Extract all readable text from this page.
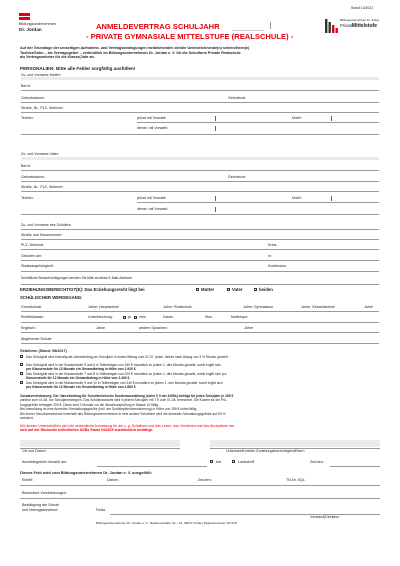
Stand 10/2022
Bildungsunternehmen
Dr. Jordan
Bildungsunternehmen Dr. Jordan
Private
Mittelstufe
ANMELDEVERTRAG SCHULJAHR
- PRIVATE GYMNASIALE MITTELSTUFE (REALSCHULE) -
Auf der Grundlage der umseitigen Aufnahme- und Vertragsbedingungen meldet/melden der/die Unterzeichnende(n) seinen/ihren(n)
Tochter/Sohn – als Vertragsgeber – verbindlich im Bildungsunternehmen Dr. Jordan e. V. für die Schulform Private Realschule
als Vertragsnehmer für die Klasse(Jahr an.
PERSONALIEN: Bitte alle Felder sorgfältig ausfüllen!
Zu- und Vorname Mutter:
Beruf:
Geburtsdatum:	Geburtsort:
Straße, Nr., PLZ, Wohnort:
Telefon:	privat mit Vorwahl:	Mobil:
dienst. mit Vorwahl:
Zu- und Vorname Vater:
Beruf:
Geburtsdatum:	Geburtsort:
Straße, Nr., PLZ, Wohnort:
Telefon:	privat mit Vorwahl:	Mobil:
dienst. mit Vorwahl:
Zu- und Vorname des Schülers:
Straße und Hausnummer:
PLZ, Wohnort:	Kreis:
Geboren am:	in:
Staatsangehörigkeit:	Konfession:
Schriftliche Benachrichtigungen senden Sie bitte an diese E-Mail-Adresse:
ERZIEHUNGSBERECHTIGT(E): Das Erziehungsrecht liegt bei	Mutter	Vater	beiden
SCHÜLISCHER WERDEGANG:
Grundschule	Jahre; Hauptschule	Jahre; Realschule	Jahre; Gymnasium	Jahre; Gesamtschule	Jahre
Eintrittsklasse:	Unterbrechung:	ja nein	Dauer:	Mon.	Muttersprr:
Englisch:	Jahre	andere Sprachen:	Jahre
Abgehende Schule:
Gebühren (Stand: 08/2017)
Das Schulgeld wird einmalig als Jahresbetrag pro Schuljahr in einem Betrag zum 01.07. jeden Jahres nach Abzug von 3 % Skonto gezahlt.
Das Schulgeld wird in der Klassenstufe 5 und 6 in Teilbeträgen von 160 € monatlich zu jedem 1. des Monats gezahlt, somit ergibt sich
pro Klassenstufe für 12 Monate ein Gesamtbetrag in Höhe von 1.920 €.
Das Schulgeld wird in der Klassenstufe 7 und 8 in Teilbeträgen von 200 € monatlich zu jedem 1. des Monats gezahlt, somit ergibt sich pro
Klassenstufe für 12 Monate ein Gesamtbetrag in Höhe von 2.400 €.
Das Schulgeld wird in der Klassenstufe 9 und 10 in Teilbeträgen von 240 € monatlich zu jedem 1. des Monats gezahlt, somit ergibt sich
pro Klassenstufe für 12 Monate ein Gesamtbetrag in Höhe von 2.880 €.
Zusatzvereinbarung: Der Jahresbeitrag für Schultechnische Sonderausstattung (siehe § 9 der AGBs) beträgt für jedes Schuljahr je 165 €
zahlbar zum 01.08. vor Schuljahresbeginn. Das Schülerausweis wird in jedem Schuljahr mit 7 € zum 01.08. berechnet. Die Kosten für die Prü-
fungsgebühr betragen 200 €. Diese sind 2 Monate vor der Abschlussprüfung in Klasse 10 fällig.
Bei Anmeldung ist eine Anmelde-/Verwaltungsgebühr (inkl. der Schülerpflichtversicherung) in Höhe von 195 € sofort fällig.
Bei einem Schulformwechsel innerhalb des Bildungsunternehmens in eine andere Schulform wird die Anmelde-/Verwaltungsgebühr auf 50 %
reduziert.
Mit deriden Unterschrift/en wird die verbindliche Anmeldung für die o. g. Schulform und das Lesen, das Verstehen und das Akzeptieren der
sich auf der Rückseite befindlichen AGBs Stand 04/2019 ausdrücklich bestätigt.
Ort und Datum	Unterschrift beider Erziehungsberechtigten|Eltern
Anmeldegebühr bezahlt am:	bar	Lastschrift	Zeichen:
Dieses Feld wird vom Bildungsunternehmen Dr. Jordan e. V. ausgefüllt:
Eintritt:	Datum:	Zeichen:	TN-Nr. SQL:
Besondere Vereinbarungen:
Bestätigung der Schule
und Vertragsannahme:	Fulda,
Vorstand|Direktion
Bildungsunternehmen Dr. Jordan e. V., Rabanusstraße 40 – 42, 36037 Fulda | Registereintrag: VR 628
